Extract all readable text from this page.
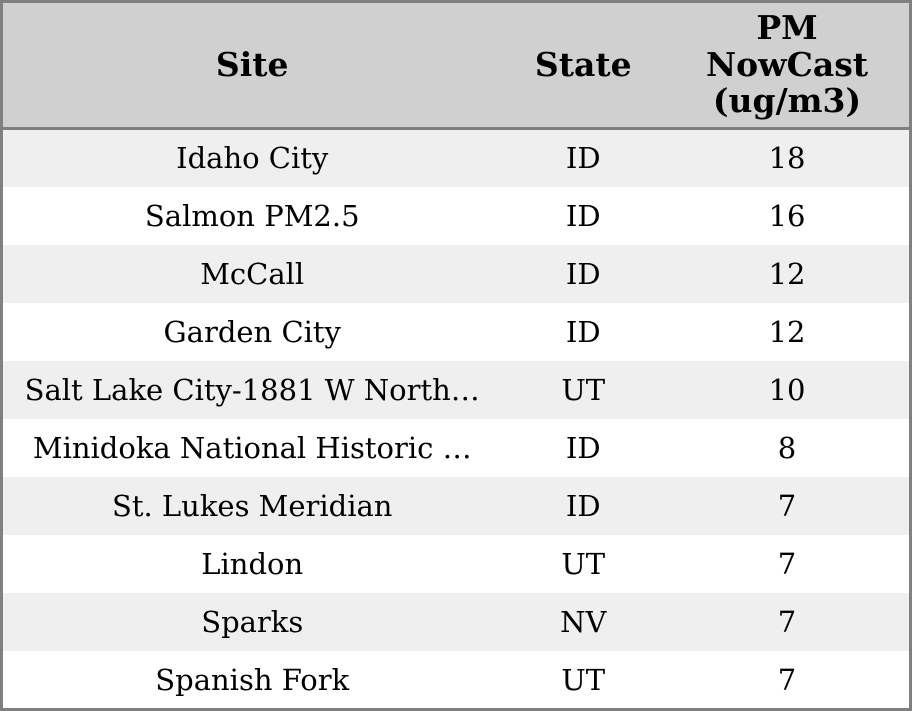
Site	State	PM NowCast (ug/m3)
Idaho City	ID	18
Salmon PM2.5	ID	16
McCall	ID	12
Garden City	ID	12
Salt Lake City-1881 W North…	UT	10
Minidoka National Historic …	ID	8
St. Lukes Meridian	ID	7
Lindon	UT	7
Sparks	NV	7
Spanish Fork	UT	7
